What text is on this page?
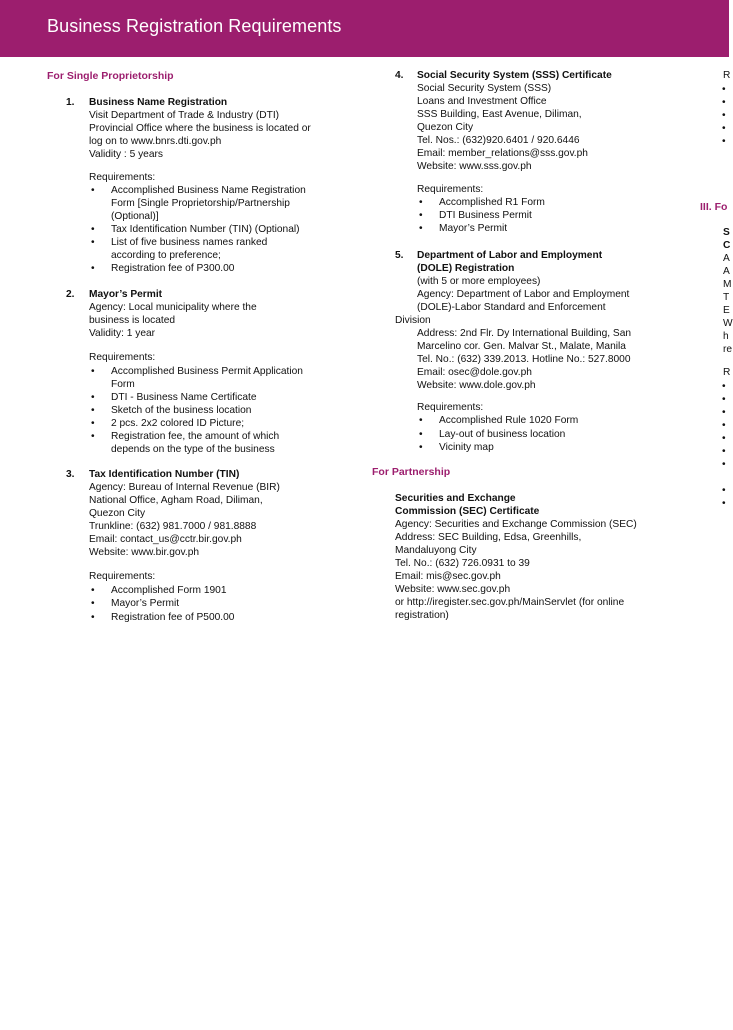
Business Registration Requirements
For Single Proprietorship
1. Business Name Registration
Visit Department of Trade & Industry (DTI)
Provincial Office where the business is located or
log on to www.bnrs.dti.gov.ph
Validity : 5 years
Requirements:
• Accomplished Business Name Registration
Form [Single Proprietorship/Partnership
(Optional)]
• Tax Identification Number (TIN) (Optional)
• List of five business names ranked
according to preference;
• Registration fee of P300.00
2. Mayor’s Permit
Agency: Local municipality where the
business is located
Validity: 1 year
Requirements:
• Accomplished Business Permit Application
Form
• DTI - Business Name Certificate
• Sketch of the business location
• 2 pcs. 2x2 colored ID Picture;
• Registration fee, the amount of which
depends on the type of the business
3. Tax Identification Number (TIN)
Agency: Bureau of Internal Revenue (BIR)
National Office, Agham Road, Diliman,
Quezon City
Trunkline: (632) 981.7000 / 981.8888
Email: contact_us@cctr.bir.gov.ph
Website: www.bir.gov.ph
Requirements:
• Accomplished Form 1901
• Mayor’s Permit
• Registration fee of P500.00
4. Social Security System (SSS) Certificate
Social Security System (SSS)
Loans and Investment Office
SSS Building, East Avenue, Diliman,
Quezon City
Tel. Nos.: (632)920.6401 / 920.6446
Email: member_relations@sss.gov.ph
Website: www.sss.gov.ph
Requirements:
• Accomplished R1 Form
• DTI Business Permit
• Mayor’s Permit
5. Department of Labor and Employment
(DOLE) Registration
(with 5 or more employees)
Agency: Department of Labor and Employment
(DOLE)-Labor Standard and Enforcement
Division
Address: 2nd Flr. Dy International Building, San
Marcelino cor. Gen. Malvar St., Malate, Manila
Tel. No.: (632) 339.2013. Hotline No.: 527.8000
Email: osec@dole.gov.ph
Website: www.dole.gov.ph
Requirements:
• Accomplished Rule 1020 Form
• Lay-out of business location
• Vicinity map
For Partnership
Securities and Exchange
Commission (SEC) Certificate
Agency: Securities and Exchange Commission (SEC)
Address: SEC Building, Edsa, Greenhills,
Mandaluyong City
Tel. No.: (632) 726.0931 to 39
Email: mis@sec.gov.ph
Website: www.sec.gov.ph
or http://iregister.sec.gov.ph/MainServlet (for online
registration)
R
•
•
•
•
•
III. Fo
S
C
A
A
M
T
E
W
h
re
R
•
•
•
•
•
•
•
•
•
